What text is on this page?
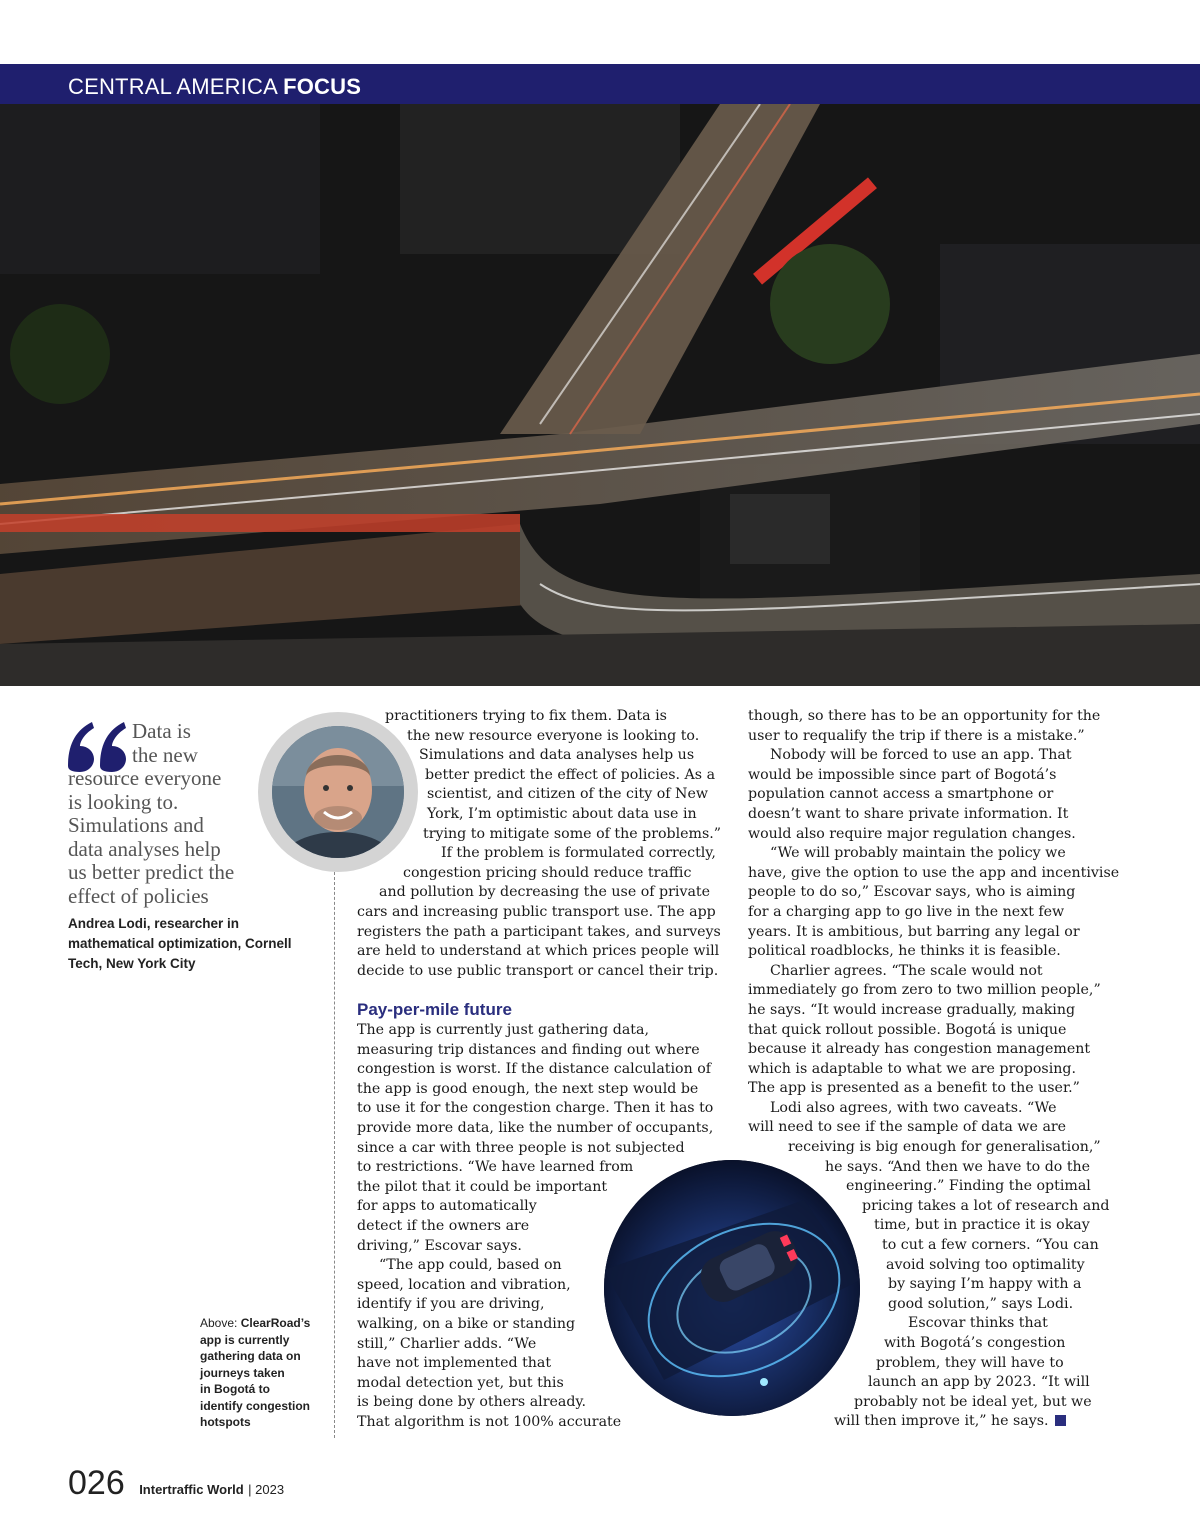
CENTRAL AMERICA FOCUS
Data is
the new
resource everyone
is looking to.
Simulations and
data analyses help
us better predict the
effect of policies
Andrea Lodi, researcher in
mathematical optimization, Cornell
Tech, New York City
Above: ClearRoad’s
app is currently
gathering data on
journeys taken
in Bogotá to
identify congestion
hotspots

practitioners trying to fix them. Data is

the new resource everyone is looking to.

Simulations and data analyses help us

better predict the effect of policies. As a

scientist, and citizen of the city of New

York, I’m optimistic about data use in

trying to mitigate some of the problems.”

If the problem is formulated correctly,

congestion pricing should reduce traffic

and pollution by decreasing the use of private

cars and increasing public transport use. The app

registers the path a participant takes, and surveys

are held to understand at which prices people will

decide to use public transport or cancel their trip.

Pay-per-mile future

The app is currently just gathering data,

measuring trip distances and finding out where

congestion is worst. If the distance calculation of

the app is good enough, the next step would be

to use it for the congestion charge. Then it has to

provide more data, like the number of occupants,

since a car with three people is not subjected

to restrictions. “We have learned from

the pilot that it could be important

for apps to automatically

detect if the owners are

driving,” Escovar says.

“The app could, based on

speed, location and vibration,

identify if you are driving,

walking, on a bike or standing

still,” Charlier adds. “We

have not implemented that

modal detection yet, but this

is being done by others already.

That algorithm is not 100% accurate

though, so there has to be an opportunity for the

user to requalify the trip if there is a mistake.”

Nobody will be forced to use an app. That

would be impossible since part of Bogotá’s

population cannot access a smartphone or

doesn’t want to share private information. It

would also require major regulation changes.

“We will probably maintain the policy we

have, give the option to use the app and incentivise

people to do so,” Escovar says, who is aiming

for a charging app to go live in the next few

years. It is ambitious, but barring any legal or

political roadblocks, he thinks it is feasible.

Charlier agrees. “The scale would not

immediately go from zero to two million people,”

he says. “It would increase gradually, making

that quick rollout possible. Bogotá is unique

because it already has congestion management

which is adaptable to what we are proposing.

The app is presented as a benefit to the user.”

Lodi also agrees, with two caveats. “We

will need to see if the sample of data we are

receiving is big enough for generalisation,”

he says. “And then we have to do the

engineering.” Finding the optimal

pricing takes a lot of research and

time, but in practice it is okay

to cut a few corners. “You can

avoid solving too optimality

by saying I’m happy with a

good solution,” says Lodi.

Escovar thinks that

with Bogotá’s congestion

problem, they will have to

launch an app by 2023. “It will

probably not be ideal yet, but we

will then improve it,” he says.

026 Intertraffic World | 2023
